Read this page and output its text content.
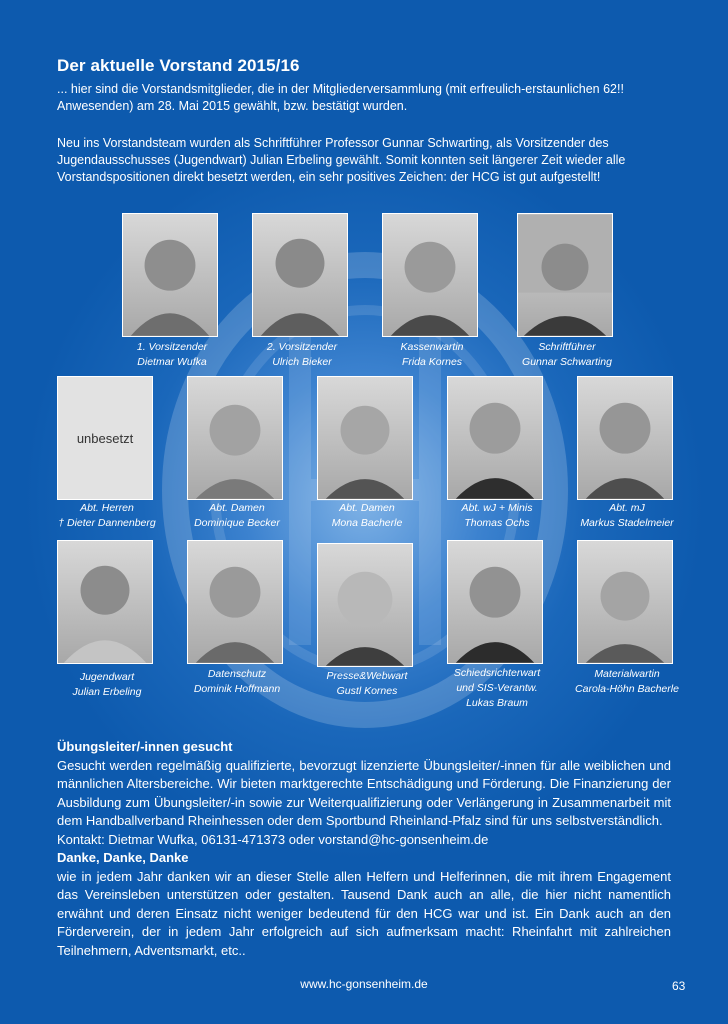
Der aktuelle Vorstand 2015/16

... hier sind die Vorstandsmitglieder, die in der Mitgliederversammlung (mit erfreulich-erstaunlichen 62!! Anwesenden) am 28. Mai 2015 gewählt, bzw. bestätigt wurden.

Neu ins Vorstandsteam wurden als Schriftführer Professor Gunnar Schwarting, als Vorsitzender des Jugendausschusses (Jugendwart) Julian Erbeling gewählt. Somit konnten seit längerer Zeit wieder alle Vorstandspositionen direkt besetzt werden, ein sehr positives Zeichen: der HCG ist gut aufgestellt!

1. Vorsitzender
Dietmar Wufka
2. Vorsitzender
Ulrich Bieker
Kassenwartin
Frida Kornes
Schriftführer
Gunnar Schwarting
unbesetzt
Abt. Herren
† Dieter Dannenberg
Abt. Damen
Dominique Becker
Abt. Damen
Mona Bacherle
Abt. wJ + Minis
Thomas Ochs
Abt. mJ
Markus Stadelmeier
Jugendwart
Julian Erbeling
Datenschutz
Dominik Hoffmann
Presse&Webwart
Gustl Kornes
Schiedsrichterwart
und SIS-Verantw.
Lukas Braum
Materialwartin
Carola-Höhn Bacherle
Übungsleiter/-innen gesucht
Gesucht werden regelmäßig qualifizierte, bevorzugt lizenzierte Übungsleiter/-innen für alle weiblichen und männlichen Altersbereiche. Wir bieten marktgerechte Entschädigung und Förderung. Die Finanzierung der Ausbildung zum Übungsleiter/-in sowie zur Weiterqualifizierung oder Verlängerung in Zusammenarbeit mit dem Handballverband Rheinhessen oder dem Sportbund Rheinland-Pfalz sind für uns selbstverständlich.
Kontakt: Dietmar Wufka, 06131-471373 oder vorstand@hc-gonsenheim.de
Danke, Danke, Danke
wie in jedem Jahr danken wir an dieser Stelle allen Helfern und Helferinnen, die mit ihrem Engagement das Vereinsleben unterstützen oder gestalten. Tausend Dank auch an alle, die hier nicht namentlich erwähnt und deren Einsatz nicht weniger bedeutend für den HCG war und ist. Ein Dank auch an den Förderverein, der in jedem Jahr erfolgreich auf sich aufmerksam macht: Rheinfahrt mit zahlreichen Teilnehmern, Adventsmarkt, etc..
www.hc-gonsenheim.de	63
